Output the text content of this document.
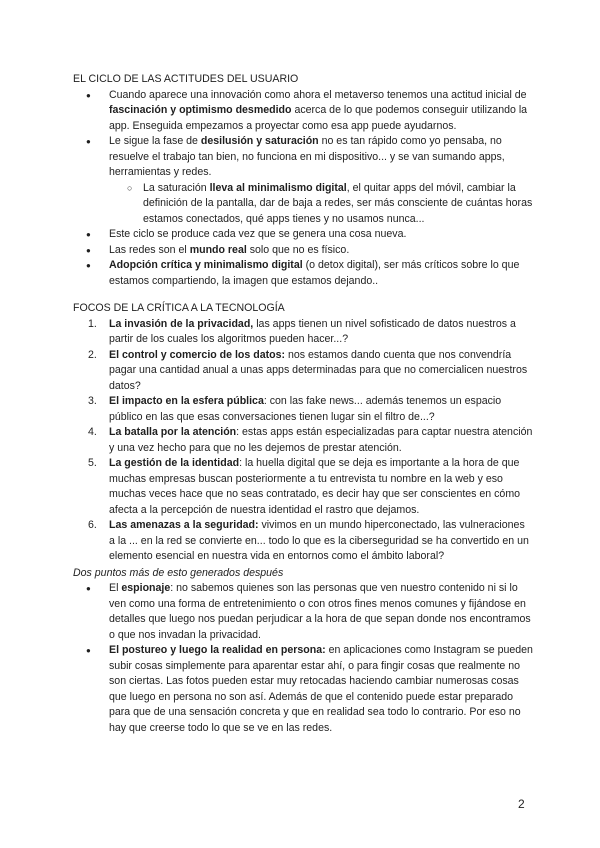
EL CICLO DE LAS ACTITUDES DEL USUARIO
● Cuando aparece una innovación como ahora el metaverso tenemos una actitud inicial de fascinación y optimismo desmedido acerca de lo que podemos conseguir utilizando la app. Enseguida empezamos a proyectar como esa app puede ayudarnos.
● Le sigue la fase de desilusión y saturación no es tan rápido como yo pensaba, no resuelve el trabajo tan bien, no funciona en mi dispositivo... y se van sumando apps, herramientas y redes.
○ La saturación lleva al minimalismo digital, el quitar apps del móvil, cambiar la definición de la pantalla, dar de baja a redes, ser más consciente de cuántas horas estamos conectados, qué apps tienes y no usamos nunca...
● Este ciclo se produce cada vez que se genera una cosa nueva.
● Las redes son el mundo real solo que no es físico.
● Adopción crítica y minimalismo digital (o detox digital), ser más críticos sobre lo que estamos compartiendo, la imagen que estamos dejando..
FOCOS DE LA CRÍTICA A LA TECNOLOGÍA
1. La invasión de la privacidad, las apps tienen un nivel sofisticado de datos nuestros a partir de los cuales los algoritmos pueden hacer...?
2. El control y comercio de los datos: nos estamos dando cuenta que nos convendría pagar una cantidad anual a unas apps determinadas para que no comercialicen nuestros datos?
3. El impacto en la esfera pública: con las fake news... además tenemos un espacio público en las que esas conversaciones tienen lugar sin el filtro de...?
4. La batalla por la atención: estas apps están especializadas para captar nuestra atención y una vez hecho para que no les dejemos de prestar atención.
5. La gestión de la identidad: la huella digital que se deja es importante a la hora de que muchas empresas buscan posteriormente a tu entrevista tu nombre en la web y eso muchas veces hace que no seas contratado, es decir hay que ser conscientes en cómo afecta a la percepción de nuestra identidad el rastro que dejamos.
6. Las amenazas a la seguridad: vivimos en un mundo hiperconectado, las vulneraciones a la ... en la red se convierte en... todo lo que es la ciberseguridad se ha convertido en un elemento esencial en nuestra vida en entornos como el ámbito laboral?

Dos puntos más de esto generados después

● El espionaje: no sabemos quienes son las personas que ven nuestro contenido ni si lo ven como una forma de entretenimiento o con otros fines menos comunes y fijándose en detalles que luego nos puedan perjudicar a la hora de que sepan donde nos encontramos o que nos invadan la privacidad.
● El postureo y luego la realidad en persona: en aplicaciones como Instagram se pueden subir cosas simplemente para aparentar estar ahí, o para fingir cosas que realmente no son ciertas. Las fotos pueden estar muy retocadas haciendo cambiar numerosas cosas que luego en persona no son así. Además de que el contenido puede estar preparado para que de una sensación concreta y que en realidad sea todo lo contrario. Por eso no hay que creerse todo lo que se ve en las redes.
2
